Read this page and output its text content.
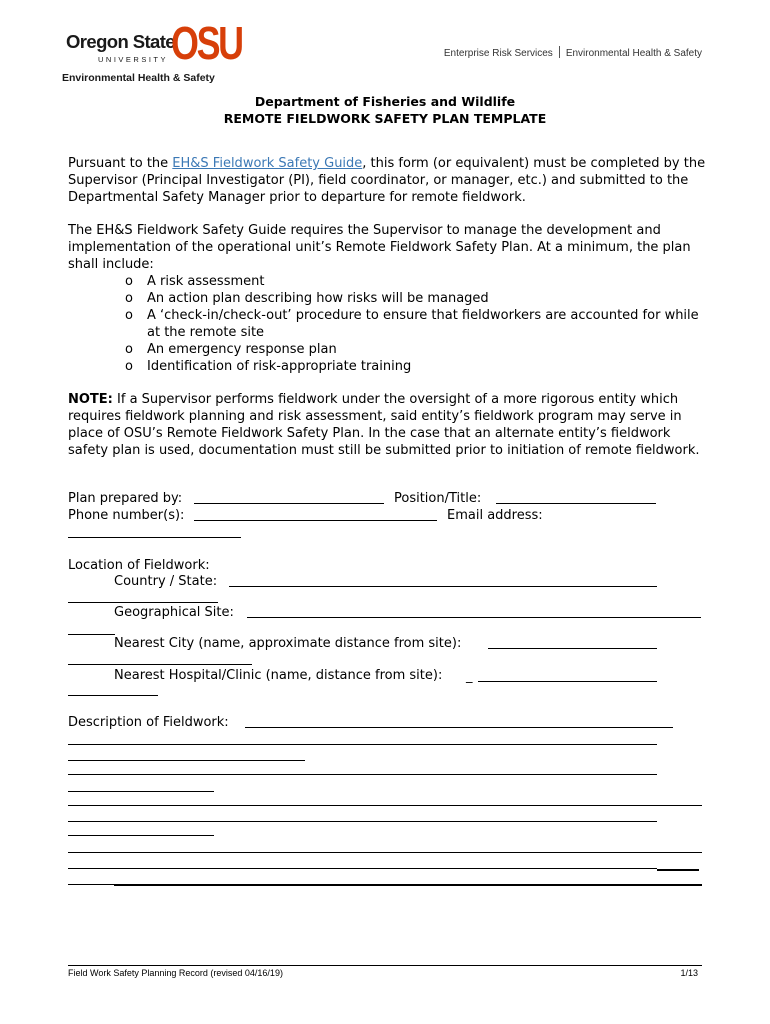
Oregon State
UNIVERSITY OSU
Environmental Health & Safety
Enterprise Risk Services Environmental Health & Safety
Department of Fisheries and Wildlife
REMOTE FIELDWORK SAFETY PLAN TEMPLATE

Pursuant to the EH&S Fieldwork Safety Guide, this form (or equivalent) must be completed by the Supervisor (Principal Investigator (PI), field coordinator, or manager, etc.) and submitted to the Departmental Safety Manager prior to departure for remote fieldwork.

The EH&S Fieldwork Safety Guide requires the Supervisor to manage the development and implementation of the operational unit’s Remote Fieldwork Safety Plan. At a minimum, the plan shall include:

o A risk assessment
o An action plan describing how risks will be managed
o A ‘check-in/check-out’ procedure to ensure that fieldworkers are accounted for while at the remote site
o An emergency response plan
o Identification of risk-appropriate training

NOTE: If a Supervisor performs fieldwork under the oversight of a more rigorous entity which requires fieldwork planning and risk assessment, said entity’s fieldwork program may serve in place of OSU’s Remote Fieldwork Safety Plan. In the case that an alternate entity’s fieldwork safety plan is used, documentation must still be submitted prior to initiation of remote fieldwork.

Plan prepared by:	Position/Title:
Phone number(s):	Email address:
Location of Fieldwork:
Country / State:
Geographical Site:
Nearest City (name, approximate distance from site):
Nearest Hospital/Clinic (name, distance from site): _
Description of Fieldwork:
Field Work Safety Planning Record (revised 04/16/19)	1/13
